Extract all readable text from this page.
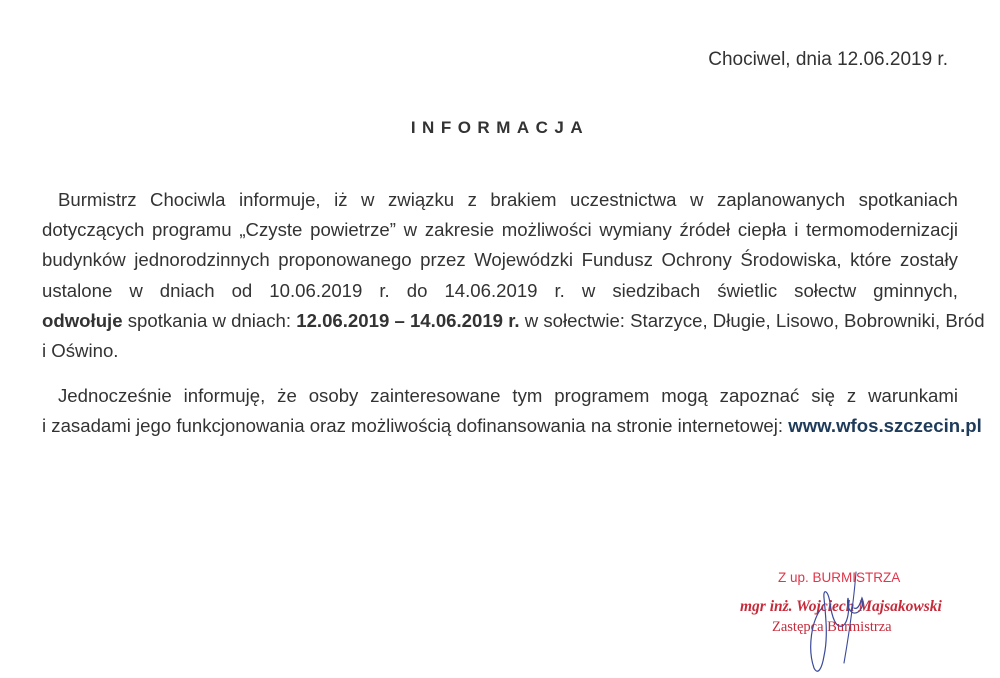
Chociwel, dnia 12.06.2019 r.
INFORMACJA
Burmistrz Chociwla informuje, iż w związku z brakiem uczestnictwa w zaplanowanych spotkaniach
dotyczących programu „Czyste powietrze” w zakresie możliwości wymiany źródeł ciepła i termomodernizacji
budynków jednorodzinnych proponowanego przez Wojewódzki Fundusz Ochrony Środowiska, które zostały
ustalone w dniach od 10.06.2019 r. do 14.06.2019 r. w siedzibach świetlic sołectw gminnych,
odwołuje spotkania w dniach: 12.06.2019 – 14.06.2019 r. w sołectwie: Starzyce, Długie, Lisowo, Bobrowniki, Bród
i Oświno.
Jednocześnie informuję, że osoby zainteresowane tym programem mogą zapoznać się z warunkami
i zasadami jego funkcjonowania oraz możliwością dofinansowania na stronie internetowej: www.wfos.szczecin.pl
Z up. BURMISTRZA
mgr inż. Wojciech Majsakowski
Zastępca Burmistrza
